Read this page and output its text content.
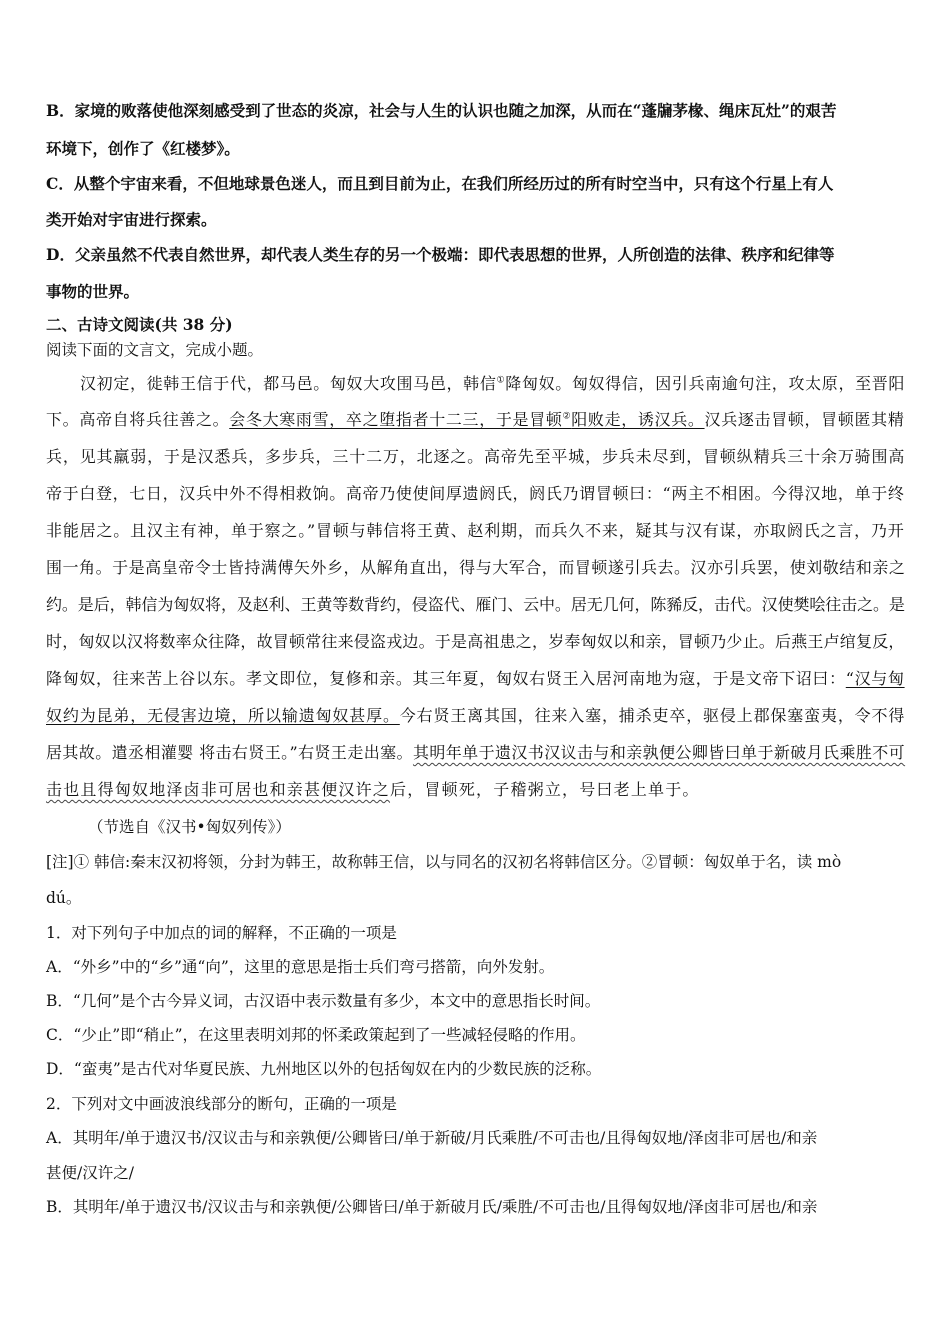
B．家境的败落使他深刻感受到了世态的炎凉，社会与人生的认识也随之加深，从而在“蓬牖茅椽、绳床瓦灶”的艰苦
环境下，创作了《红楼梦》。
C．从整个宇宙来看，不但地球景色迷人，而且到目前为止，在我们所经历过的所有时空当中，只有这个行星上有人
类开始对宇宙进行探索。
D．父亲虽然不代表自然世界，却代表人类生存的另一个极端：即代表思想的世界，人所创造的法律、秩序和纪律等
事物的世界。
二、古诗文阅读(共 38 分)
阅读下面的文言文，完成小题。
汉初定，徙韩王信于代，都马邑。匈奴大攻围马邑，韩信①降匈奴。匈奴得信，因引兵南逾句注，攻太原，至晋阳
下。高帝自将兵往善之。会冬大寒雨雪，卒之堕指者十二三，于是冒顿②阳败走，诱汉兵。汉兵逐击冒顿，冒顿匿其精
兵，见其羸弱，于是汉悉兵，多步兵，三十二万，北逐之。高帝先至平城，步兵未尽到，冒顿纵精兵三十余万骑围高
帝于白登，七日，汉兵中外不得相救饷。高帝乃使使间厚遗阏氏，阏氏乃谓冒顿曰：“两主不相困。今得汉地，单于终
非能居之。且汉主有神，单于察之。”冒顿与韩信将王黄、赵利期，而兵久不来，疑其与汉有谋，亦取阏氏之言，乃开
围一角。于是高皇帝令士皆持满傅矢外乡，从解角直出，得与大军合，而冒顿遂引兵去。汉亦引兵罢，使刘敬结和亲之
约。是后，韩信为匈奴将，及赵利、王黄等数背约，侵盗代、雁门、云中。居无几何，陈豨反，击代。汉使樊哙往击之。是
时，匈奴以汉将数率众往降，故冒顿常往来侵盗戎边。于是高祖患之，岁奉匈奴以和亲，冒顿乃少止。后燕王卢绾复反，
降匈奴，往来苦上谷以东。孝文即位，复修和亲。其三年夏，匈奴右贤王入居河南地为寇，于是文帝下诏曰：“汉与匈
奴约为昆弟，无侵害边境，所以输遗匈奴甚厚。今右贤王离其国，往来入塞，捕杀吏卒，驱侵上郡保塞蛮夷，令不得
居其故。遣丞相灌婴 将击右贤王。”右贤王走出塞。其明年单于遗汉书汉议击与和亲孰便公卿皆曰单于新破月氏乘胜不可
击也且得匈奴地泽卤非可居也和亲甚便汉许之后，冒顿死，子稽粥立，号曰老上单于。
（节选自《汉书•匈奴列传》）
[注]① 韩信:秦末汉初将领，分封为韩王，故称韩王信，以与同名的汉初名将韩信区分。②冒顿：匈奴单于名，读 mò
dú。
1．对下列句子中加点的词的解释，不正确的一项是
A．“外乡”中的“乡”通“向”，这里的意思是指士兵们弯弓搭箭，向外发射。
B．“几何”是个古今异义词，古汉语中表示数量有多少，本文中的意思指长时间。
C．“少止”即“稍止”，在这里表明刘邦的怀柔政策起到了一些减轻侵略的作用。
D．“蛮夷”是古代对华夏民族、九州地区以外的包括匈奴在内的少数民族的泛称。
2．下列对文中画波浪线部分的断句，正确的一项是
A．其明年/单于遗汉书/汉议击与和亲孰便/公卿皆曰/单于新破/月氏乘胜/不可击也/且得匈奴地/泽卤非可居也/和亲
甚便/汉许之/
B．其明年/单于遗汉书/汉议击与和亲孰便/公卿皆曰/单于新破月氏/乘胜/不可击也/且得匈奴地/泽卤非可居也/和亲
